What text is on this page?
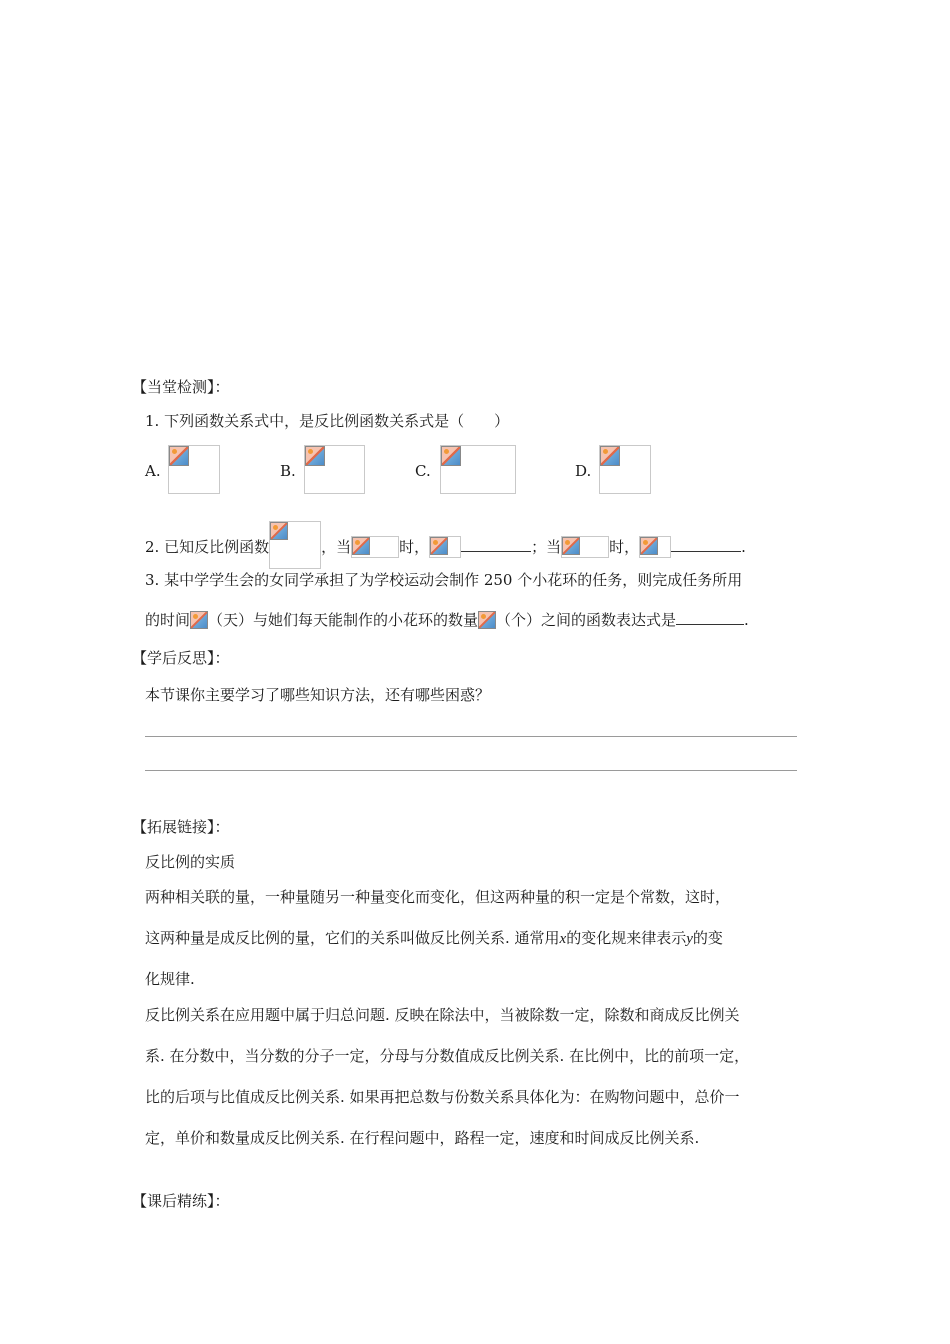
【当堂检测】：
1. 下列函数关系式中，是反比例函数关系式是（　　）
A.	B.	C.	D.
2. 已知反比例函数	，当	时，	；当	时，	.
3. 某中学学生会的女同学承担了为学校运动会制作 250 个小花环的任务，则完成任务所用
的时间 （天）与她们每天能制作的小花环的数量 （个）之间的函数表达式是	.
【学后反思】：
本节课你主要学习了哪些知识方法，还有哪些困惑？
【拓展链接】：
反比例的实质
两种相关联的量，一种量随另一种量变化而变化，但这两种量的积一定是个常数，这时，
这两种量是成反比例的量，它们的关系叫做反比例关系. 通常用x的变化规来律表示y的变
化规律.
反比例关系在应用题中属于归总问题. 反映在除法中，当被除数一定，除数和商成反比例关
系. 在分数中，当分数的分子一定，分母与分数值成反比例关系. 在比例中，比的前项一定，
比的后项与比值成反比例关系. 如果再把总数与份数关系具体化为：在购物问题中，总价一
定，单价和数量成反比例关系. 在行程问题中，路程一定，速度和时间成反比例关系.
【课后精练】：
